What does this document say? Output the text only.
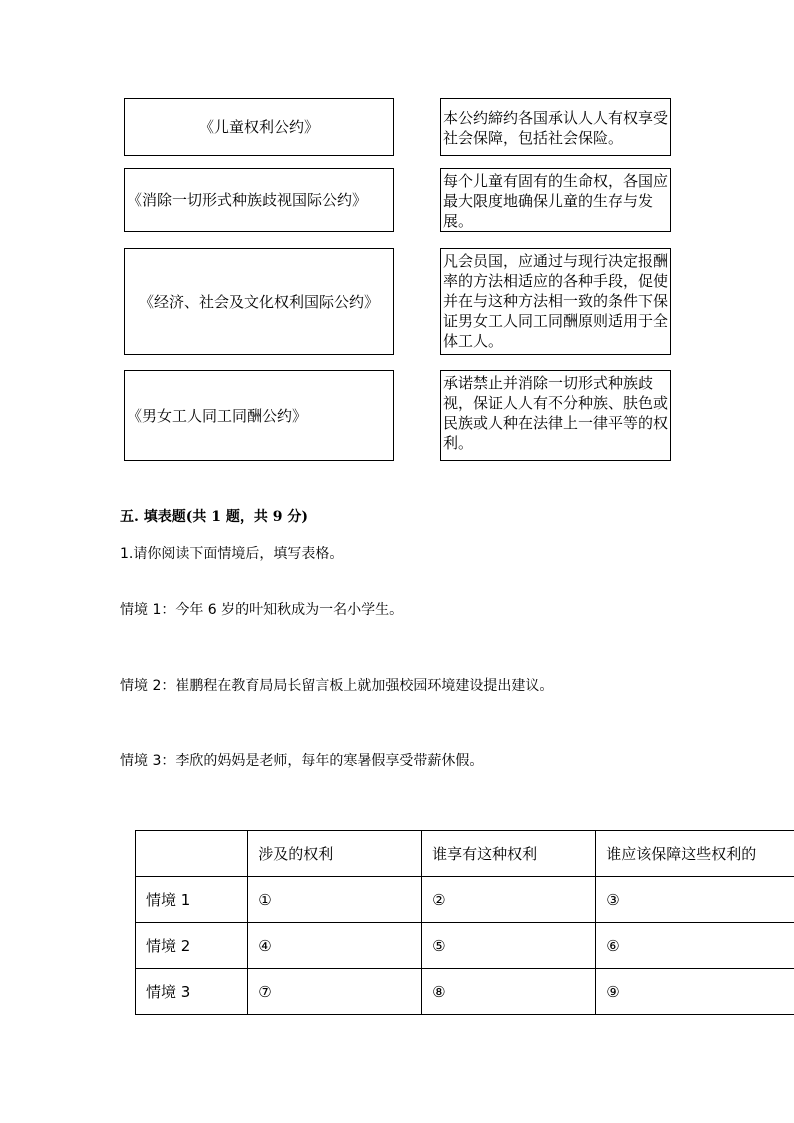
《儿童权利公约》
《消除一切形式种族歧视国际公约》
《经济、社会及文化权利国际公约》
《男女工人同工同酬公约》
本公约締约各国承认人人有权享受社会保障，包括社会保险。
每个儿童有固有的生命权，各国应最大限度地确保儿童的生存与发展。
凡会员国，应通过与现行决定报酬率的方法相适应的各种手段，促使并在与这种方法相一致的条件下保证男女工人同工同酬原则适用于全体工人。
承诺禁止并消除一切形式种族歧视，保证人人有不分种族、肤色或民族或人种在法律上一律平等的权利。
五. 填表题(共 1 题，共 9 分)
1.请你阅读下面情境后，填写表格。
情境 1：今年 6 岁的叶知秋成为一名小学生。
情境 2：崔鹏程在教育局局长留言板上就加强校园环境建设提出建议。
情境 3：李欣的妈妈是老师，每年的寒暑假享受带薪休假。
	涉及的权利	谁享有这种权利	谁应该保障这些权利的
情境 1	①	②	③
情境 2	④	⑤	⑥
情境 3	⑦	⑧	⑨
